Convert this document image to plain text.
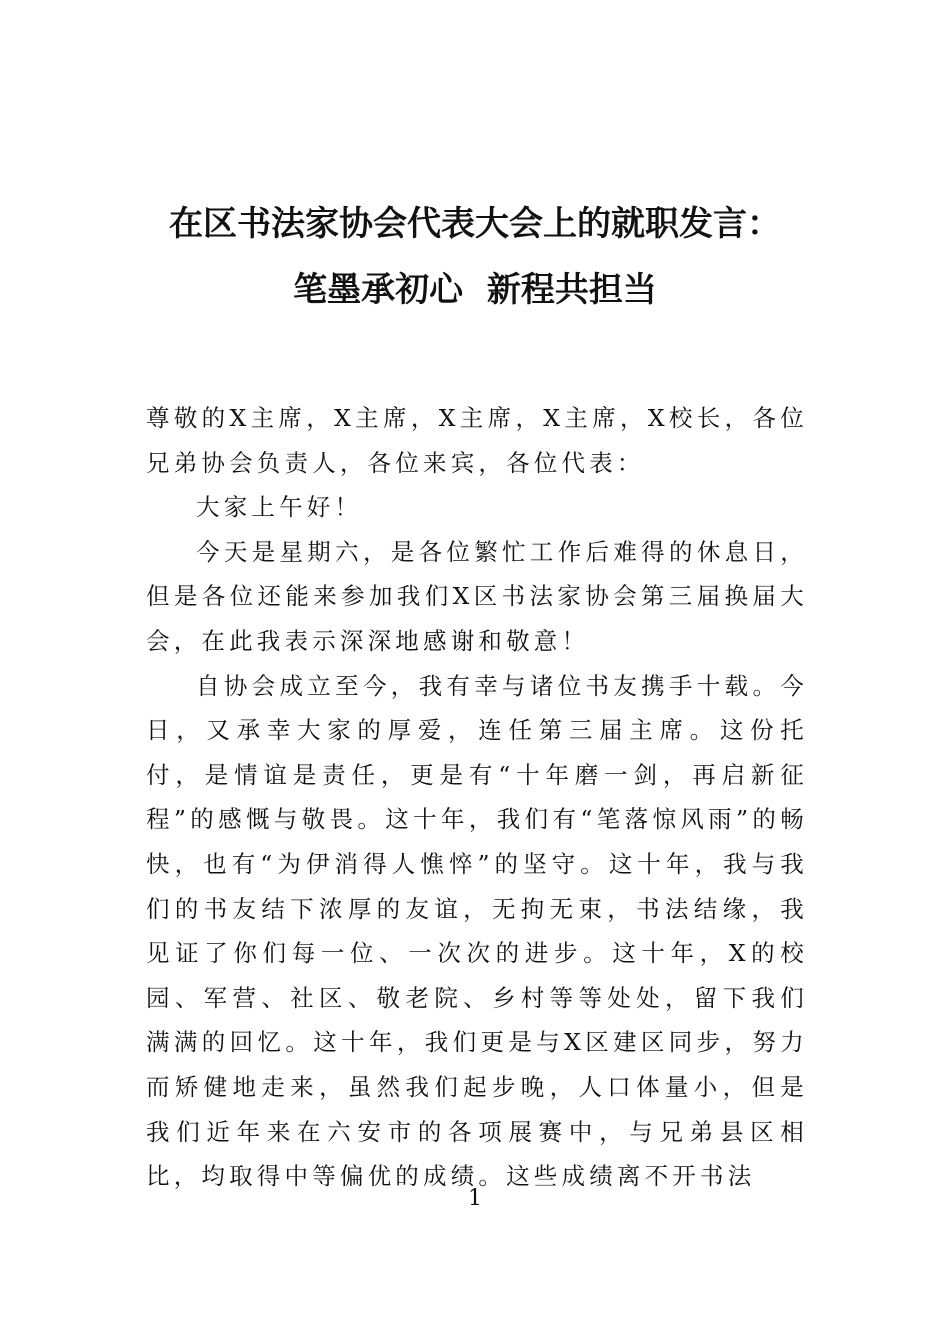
在区书法家协会代表大会上的就职发言：
笔墨承初心  新程共担当

尊敬的X主席，X主席，X主席，X主席，X校长，各位兄弟协会负责人，各位来宾，各位代表：

大家上午好！

今天是星期六，是各位繁忙工作后难得的休息日，但是各位还能来参加我们X区书法家协会第三届换届大会，在此我表示深深地感谢和敬意！

自协会成立至今，我有幸与诸位书友携手十载。今日，又承幸大家的厚爱，连任第三届主席。这份托付，是情谊是责任，更是有“十年磨一剑，再启新征程”的感慨与敬畏。这十年，我们有“笔落惊风雨”的畅快，也有“为伊消得人憔悴”的坚守。这十年，我与我们的书友结下浓厚的友谊，无拘无束，书法结缘，我见证了你们每一位、一次次的进步。这十年，X的校园、军营、社区、敬老院、乡村等等处处，留下我们满满的回忆。这十年，我们更是与X区建区同步，努力而矫健地走来，虽然我们起步晚，人口体量小，但是我们近年来在六安市的各项展赛中，与兄弟县区相比，均取得中等偏优的成绩。这些成绩离不开书法

1
